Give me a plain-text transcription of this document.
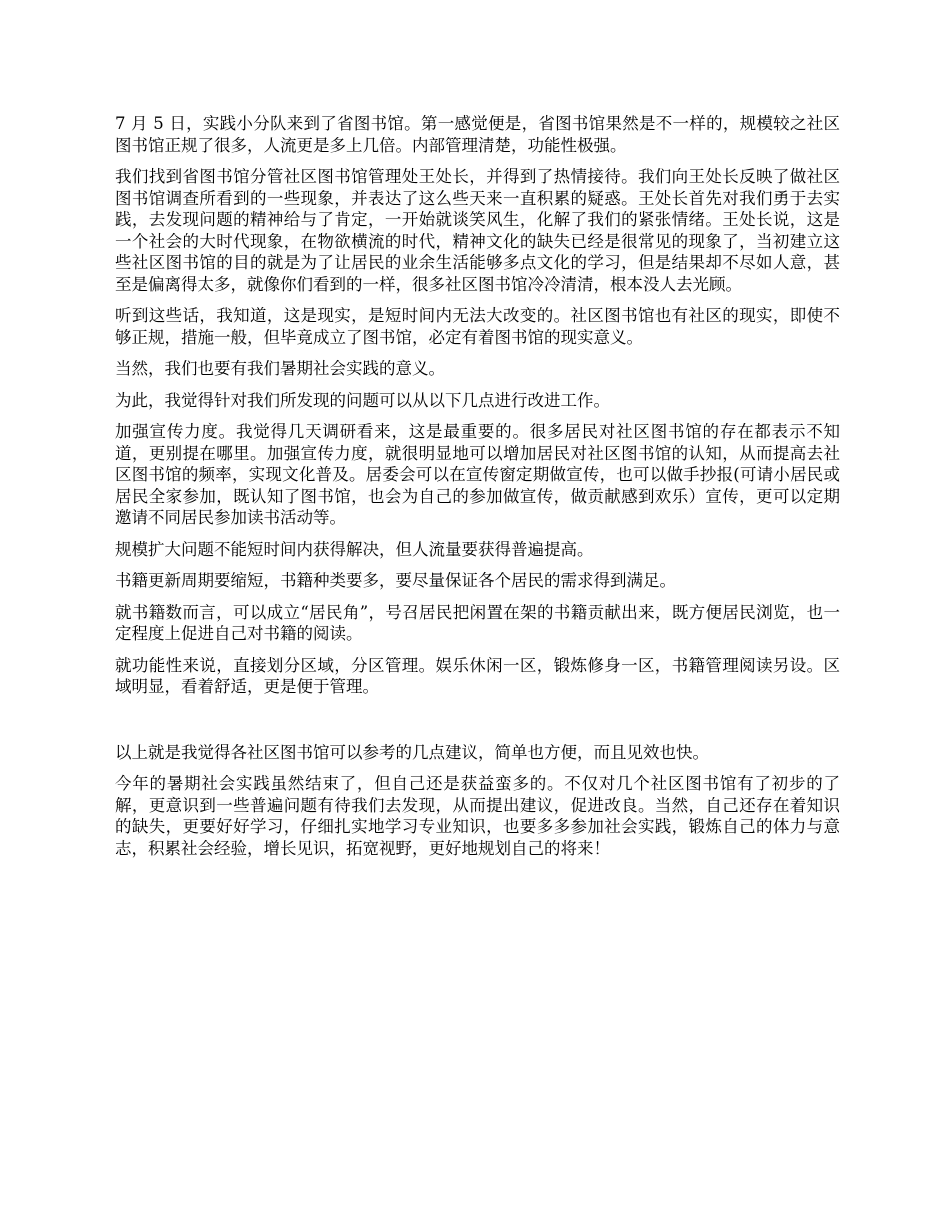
7 月 5 日，实践小分队来到了省图书馆。第一感觉便是，省图书馆果然是不一样的，规模较之社区图书馆正规了很多，人流更是多上几倍。内部管理清楚，功能性极强。

我们找到省图书馆分管社区图书馆管理处王处长，并得到了热情接待。我们向王处长反映了做社区图书馆调查所看到的一些现象，并表达了这么些天来一直积累的疑惑。王处长首先对我们勇于去实践，去发现问题的精神给与了肯定，一开始就谈笑风生，化解了我们的紧张情绪。王处长说，这是一个社会的大时代现象，在物欲横流的时代，精神文化的缺失已经是很常见的现象了，当初建立这些社区图书馆的目的就是为了让居民的业余生活能够多点文化的学习，但是结果却不尽如人意，甚至是偏离得太多，就像你们看到的一样，很多社区图书馆冷冷清清，根本没人去光顾。

听到这些话，我知道，这是现实，是短时间内无法大改变的。社区图书馆也有社区的现实，即使不够正规，措施一般，但毕竟成立了图书馆，必定有着图书馆的现实意义。

当然，我们也要有我们暑期社会实践的意义。

为此，我觉得针对我们所发现的问题可以从以下几点进行改进工作。

加强宣传力度。我觉得几天调研看来，这是最重要的。很多居民对社区图书馆的存在都表示不知道，更别提在哪里。加强宣传力度，就很明显地可以增加居民对社区图书馆的认知，从而提高去社区图书馆的频率，实现文化普及。居委会可以在宣传窗定期做宣传，也可以做手抄报(可请小居民或居民全家参加，既认知了图书馆，也会为自己的参加做宣传，做贡献感到欢乐）宣传，更可以定期邀请不同居民参加读书活动等。

规模扩大问题不能短时间内获得解决，但人流量要获得普遍提高。

书籍更新周期要缩短，书籍种类要多，要尽量保证各个居民的需求得到满足。

就书籍数而言，可以成立“居民角”，号召居民把闲置在架的书籍贡献出来，既方便居民浏览，也一定程度上促进自己对书籍的阅读。

就功能性来说，直接划分区域，分区管理。娱乐休闲一区，锻炼修身一区，书籍管理阅读另设。区域明显，看着舒适，更是便于管理。

以上就是我觉得各社区图书馆可以参考的几点建议，简单也方便，而且见效也快。

今年的暑期社会实践虽然结束了，但自己还是获益蛮多的。不仅对几个社区图书馆有了初步的了解，更意识到一些普遍问题有待我们去发现，从而提出建议，促进改良。当然，自己还存在着知识的缺失，更要好好学习，仔细扎实地学习专业知识，也要多多参加社会实践，锻炼自己的体力与意志，积累社会经验，增长见识，拓宽视野，更好地规划自己的将来！
